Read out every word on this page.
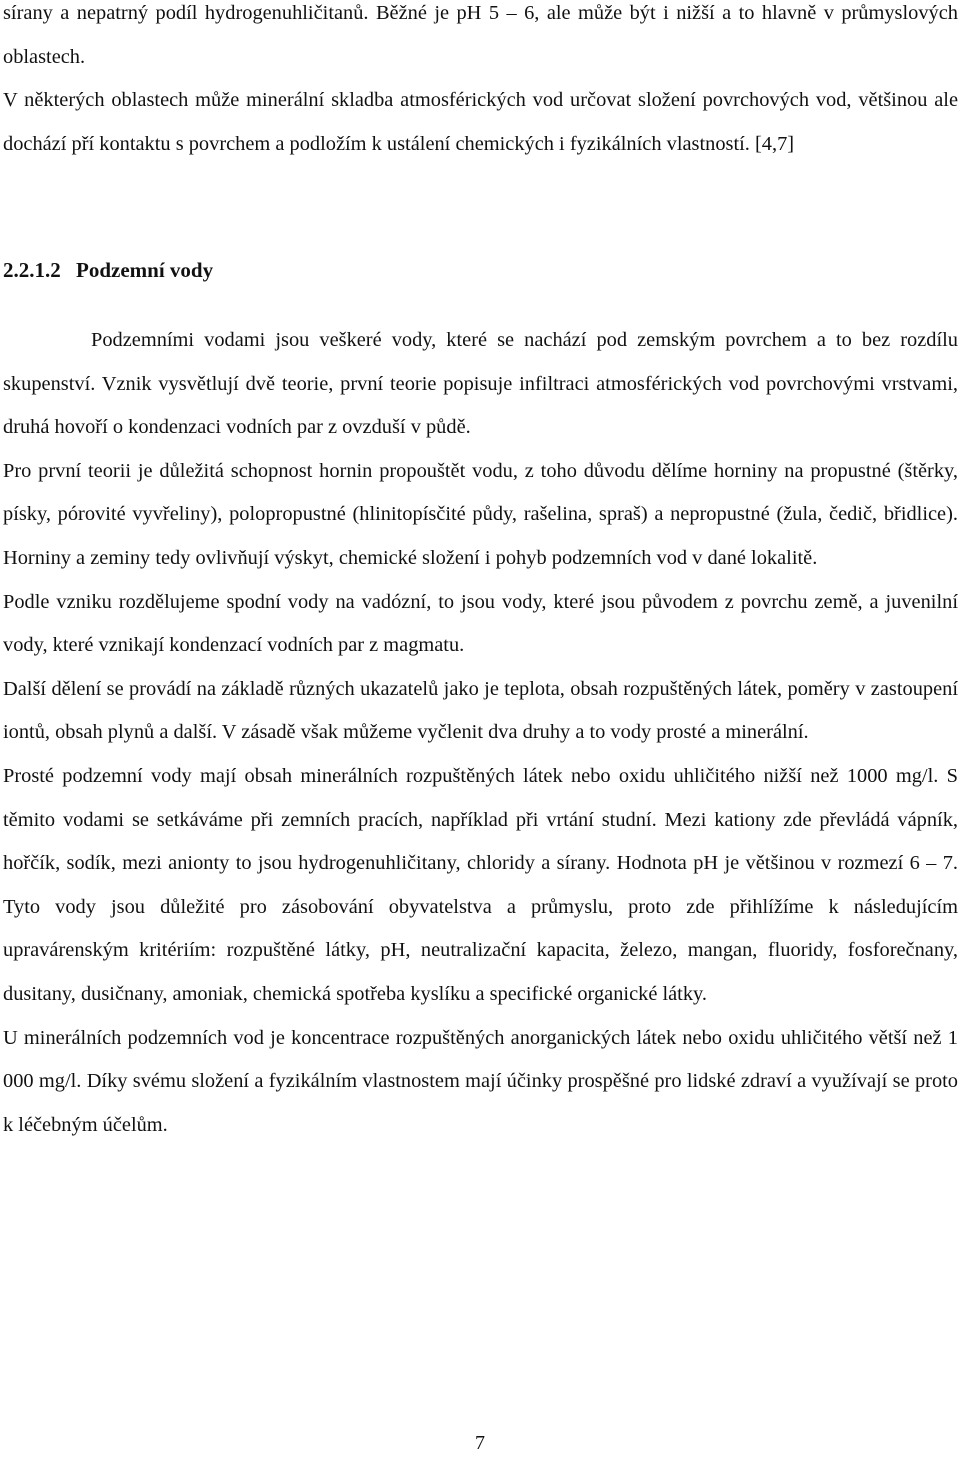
sírany a nepatrný podíl hydrogenuhličitanů. Běžné je pH 5 – 6, ale může být i nižší a to hlavně v průmyslových oblastech.

V některých oblastech může minerální skladba atmosférických vod určovat složení povrchových vod, většinou ale dochází pří kontaktu s povrchem a podložím k ustálení chemických i fyzikálních vlastností. [4,7]

2.2.1.2 Podzemní vody

Podzemními vodami jsou veškeré vody, které se nachází pod zemským povrchem a to bez rozdílu skupenství. Vznik vysvětlují dvě teorie, první teorie popisuje infiltraci atmosférických vod povrchovými vrstvami, druhá hovoří o kondenzaci vodních par z ovzduší v půdě.

Pro první teorii je důležitá schopnost hornin propouštět vodu, z toho důvodu dělíme horniny na propustné (štěrky, písky, pórovité vyvřeliny), polopropustné (hlinitopísčité půdy, rašelina, spraš) a nepropustné (žula, čedič, břidlice). Horniny a zeminy tedy ovlivňují výskyt, chemické složení i pohyb podzemních vod v dané lokalitě.

Podle vzniku rozdělujeme spodní vody na vadózní, to jsou vody, které jsou původem z povrchu země, a juvenilní vody, které vznikají kondenzací vodních par z magmatu.

Další dělení se provádí na základě různých ukazatelů jako je teplota, obsah rozpuštěných látek, poměry v zastoupení iontů, obsah plynů a další. V zásadě však můžeme vyčlenit dva druhy a to vody prosté a minerální.

Prosté podzemní vody mají obsah minerálních rozpuštěných látek nebo oxidu uhličitého nižší než 1000 mg/l. S těmito vodami se setkáváme při zemních pracích, například při vrtání studní. Mezi kationy zde převládá vápník, hořčík, sodík, mezi anionty to jsou hydrogenuhličitany, chloridy a sírany. Hodnota pH je většinou v rozmezí 6 – 7. Tyto vody jsou důležité pro zásobování obyvatelstva a průmyslu, proto zde přihlížíme k následujícím upravárenským kritériím: rozpuštěné látky, pH, neutralizační kapacita, železo, mangan, fluoridy, fosforečnany, dusitany, dusičnany, amoniak, chemická spotřeba kyslíku a specifické organické látky.

U minerálních podzemních vod je koncentrace rozpuštěných anorganických látek nebo oxidu uhličitého větší než 1 000 mg/l. Díky svému složení a fyzikálním vlastnostem mají účinky prospěšné pro lidské zdraví a využívají se proto k léčebným účelům.

7
